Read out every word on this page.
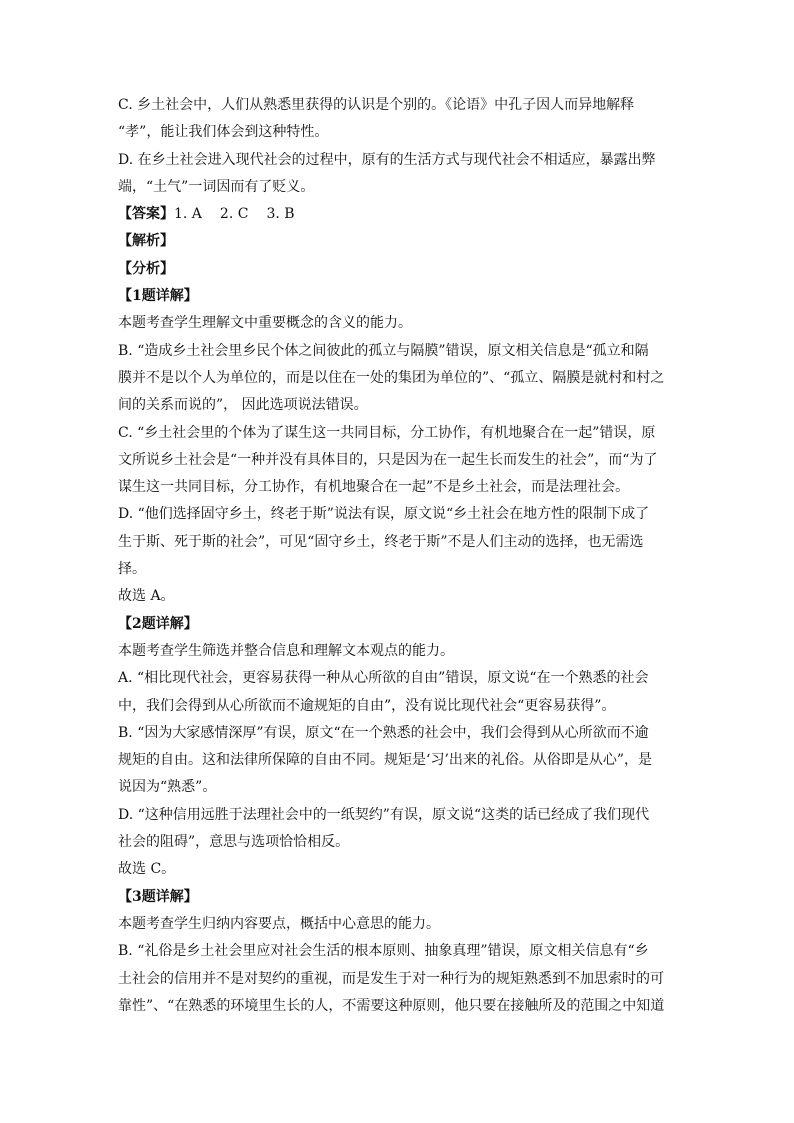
C. 乡土社会中，人们从熟悉里获得的认识是个别的。《论语》中孔子因人而异地解释
“孝”，能让我们体会到这种特性。
D. 在乡土社会进入现代社会的过程中，原有的生活方式与现代社会不相适应，暴露出弊
端，“土气”一词因而有了贬义。
【答案】1. A 2. C 3. B
【解析】
【分析】
【1题详解】
本题考查学生理解文中重要概念的含义的能力。
B. “造成乡土社会里乡民个体之间彼此的孤立与隔膜”错误，原文相关信息是“孤立和隔
膜并不是以个人为单位的，而是以住在一处的集团为单位的”、“孤立、隔膜是就村和村之
间的关系而说的”， 因此选项说法错误。
C. “乡土社会里的个体为了谋生这一共同目标，分工协作，有机地聚合在一起”错误，原
文所说乡土社会是“一种并没有具体目的，只是因为在一起生长而发生的社会”，而“为了
谋生这一共同目标，分工协作，有机地聚合在一起”不是乡土社会，而是法理社会。
D. “他们选择固守乡土，终老于斯”说法有误，原文说“乡土社会在地方性的限制下成了
生于斯、死于斯的社会”，可见“固守乡土，终老于斯”不是人们主动的选择，也无需选
择。
故选 A。
【2题详解】
本题考查学生筛选并整合信息和理解文本观点的能力。
A. “相比现代社会，更容易获得一种从心所欲的自由”错误，原文说“在一个熟悉的社会
中，我们会得到从心所欲而不逾规矩的自由”，没有说比现代社会“更容易获得”。
B. “因为大家感情深厚”有误，原文“在一个熟悉的社会中，我们会得到从心所欲而不逾
规矩的自由。这和法律所保障的自由不同。规矩是‘习’出来的礼俗。从俗即是从心”，是
说因为“熟悉”。
D. “这种信用远胜于法理社会中的一纸契约”有误，原文说“这类的话已经成了我们现代
社会的阻碍”，意思与选项恰恰相反。
故选 C。
【3题详解】
本题考查学生归纳内容要点，概括中心意思的能力。
B. “礼俗是乡土社会里应对社会生活的根本原则、抽象真理”错误，原文相关信息有“乡
土社会的信用并不是对契约的重视，而是发生于对一种行为的规矩熟悉到不加思索时的可
靠性”、“在熟悉的环境里生长的人，不需要这种原则，他只要在接触所及的范围之中知道
